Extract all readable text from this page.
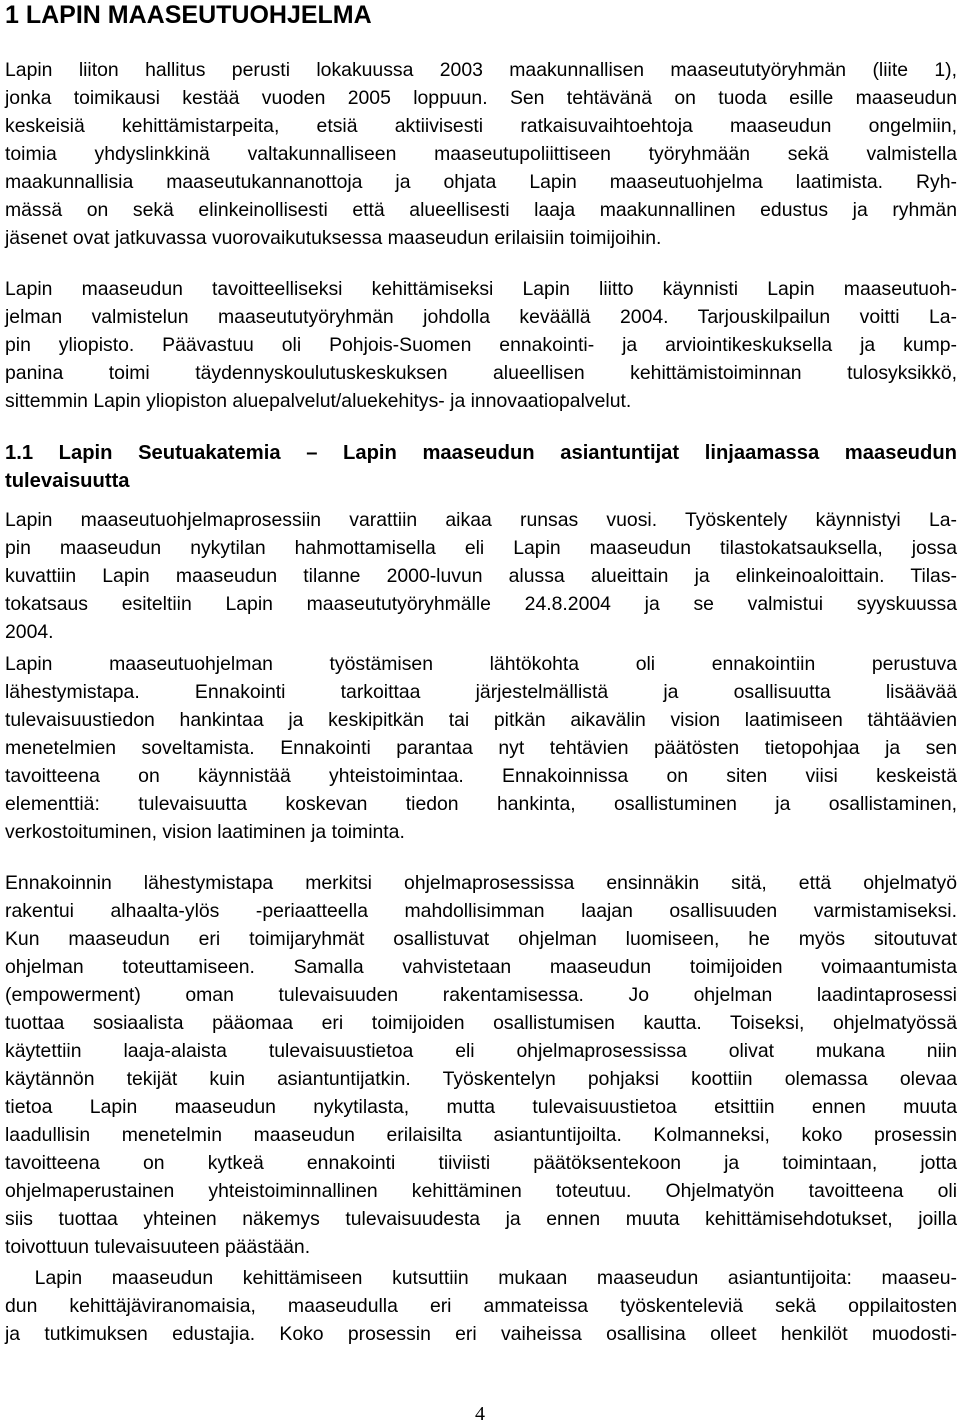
1 LAPIN MAASEUTUOHJELMA
Lapin liiton hallitus perusti lokakuussa 2003 maakunnallisen maaseututyöryhmän (liite 1),
jonka toimikausi kestää vuoden 2005 loppuun. Sen tehtävänä on tuoda esille maaseudun
keskeisiä kehittämistarpeita, etsiä aktiivisesti ratkaisuvaihtoehtoja maaseudun ongelmiin,
toimia yhdyslinkkinä valtakunnalliseen maaseutupoliittiseen työryhmään sekä valmistella
maakunnallisia maaseutukannanottoja ja ohjata Lapin maaseutuohjelma laatimista. Ryh-
mässä on sekä elinkeinollisesti että alueellisesti laaja maakunnallinen edustus ja ryhmän
jäsenet ovat jatkuvassa vuorovaikutuksessa maaseudun erilaisiin toimijoihin.
Lapin maaseudun tavoitteelliseksi kehittämiseksi Lapin liitto käynnisti Lapin maaseutuoh-
jelman valmistelun maaseututyöryhmän johdolla keväällä 2004. Tarjouskilpailun voitti La-
pin yliopisto. Päävastuu oli Pohjois-Suomen ennakointi- ja arviointikeskuksella ja kump-
panina toimi täydennyskoulutuskeskuksen alueellisen kehittämistoiminnan tulosyksikkö,
sittemmin Lapin yliopiston aluepalvelut/aluekehitys- ja innovaatiopalvelut.
1.1 Lapin Seutuakatemia – Lapin maaseudun asiantuntijat linjaamassa maaseudun
tulevaisuutta
Lapin maaseutuohjelmaprosessiin varattiin aikaa runsas vuosi. Työskentely käynnistyi La-
pin maaseudun nykytilan hahmottamisella eli Lapin maaseudun tilastokatsauksella, jossa
kuvattiin Lapin maaseudun tilanne 2000-luvun alussa alueittain ja elinkeinoaloittain. Tilas-
tokatsaus esiteltiin Lapin maaseututyöryhmälle 24.8.2004 ja se valmistui syyskuussa
2004.
Lapin maaseutuohjelman työstämisen lähtökohta oli ennakointiin perustuva
lähestymistapa. Ennakointi tarkoittaa järjestelmällistä ja osallisuutta lisäävää
tulevaisuustiedon hankintaa ja keskipitkän tai pitkän aikavälin vision laatimiseen tähtäävien
menetelmien soveltamista. Ennakointi parantaa nyt tehtävien päätösten tietopohjaa ja sen
tavoitteena on käynnistää yhteistoimintaa. Ennakoinnissa on siten viisi keskeistä
elementtiä: tulevaisuutta koskevan tiedon hankinta, osallistuminen ja osallistaminen,
verkostoituminen, vision laatiminen ja toiminta.
Ennakoinnin lähestymistapa merkitsi ohjelmaprosessissa ensinnäkin sitä, että ohjelmatyö
rakentui alhaalta-ylös -periaatteella mahdollisimman laajan osallisuuden varmistamiseksi.
Kun maaseudun eri toimijaryhmät osallistuvat ohjelman luomiseen, he myös sitoutuvat
ohjelman toteuttamiseen. Samalla vahvistetaan maaseudun toimijoiden voimaantumista
(empowerment) oman tulevaisuuden rakentamisessa. Jo ohjelman laadintaprosessi
tuottaa sosiaalista pääomaa eri toimijoiden osallistumisen kautta. Toiseksi, ohjelmatyössä
käytettiin laaja-alaista tulevaisuustietoa eli ohjelmaprosessissa olivat mukana niin
käytännön tekijät kuin asiantuntijatkin. Työskentelyn pohjaksi koottiin olemassa olevaa
tietoa Lapin maaseudun nykytilasta, mutta tulevaisuustietoa etsittiin ennen muuta
laadullisin menetelmin maaseudun erilaisilta asiantuntijoilta. Kolmanneksi, koko prosessin
tavoitteena on kytkeä ennakointi tiiviisti päätöksentekoon ja toimintaan, jotta
ohjelmaperustainen yhteistoiminnallinen kehittäminen toteutuu. Ohjelmatyön tavoitteena oli
siis tuottaa yhteinen näkemys tulevaisuudesta ja ennen muuta kehittämisehdotukset, joilla
toivottuun tulevaisuuteen päästään.
Lapin maaseudun kehittämiseen kutsuttiin mukaan maaseudun asiantuntijoita: maaseu-
dun kehittäjäviranomaisia, maaseudulla eri ammateissa työskenteleviä sekä oppilaitosten
ja tutkimuksen edustajia. Koko prosessin eri vaiheissa osallisina olleet henkilöt muodosti-
4
